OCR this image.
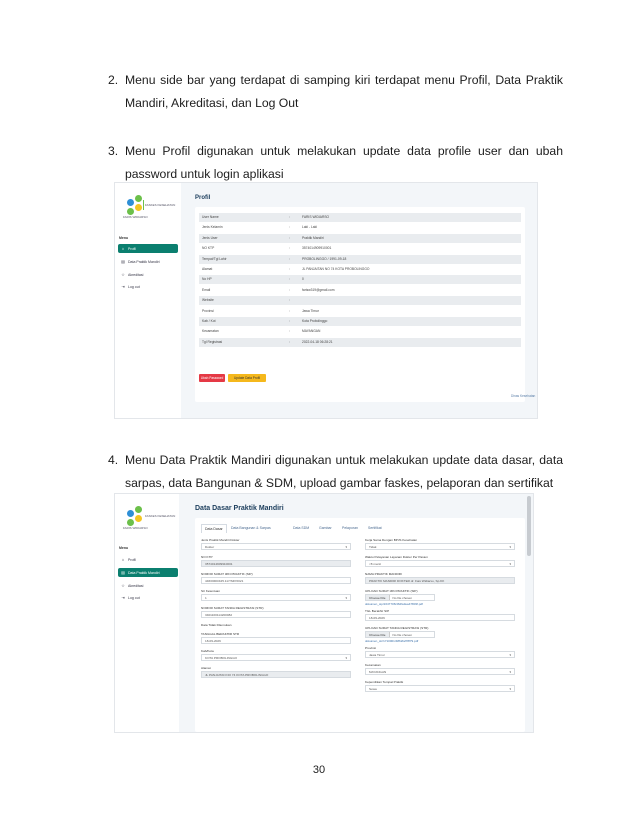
2. Menu side bar yang terdapat di samping kiri terdapat menu Profil, Data Praktik Mandiri, Akreditasi, dan Log Out
3. Menu Profil digunakan untuk melakukan update data profile user dan ubah password untuk login aplikasi
4. Menu Data Praktik Mandiri digunakan untuk melakukan update data dasar, data sarpas, data Bangunan & SDM, upload gambar faskes, pelaporan dan sertifikat
FASKES KESEHATAN
FARIS WIDIARSO
Menu
⌂ Profil
▤ Data Praktik Mandiri
☆ Akreditasi
⇥ Log out
Profil
User Name	:	FARIS WIDIARSO
Jenis Kelamin	:	Laki - Laki
Jenis User	:	Praktik Mandiri
NO KTP	:	3574014909910001
Tempat/Tgl Lahir	:	PROBOLINGGO / 1991-09-18
Alamat	:	JL PANJAITAN NO 74 KOTA PROBOLINGGO
No HP	:	0
Email	:	farisw319@gmail.com
Website	:
Provinsi	:	Jawa Timur
Kab / Kot	:	Kota Probolinggo
Kecamatan	:	MAYANGAN
Tgl Registrasi	:	2022-04-18 06:28:21
Ubah Password	Update Data Profil
Dinas Kesehatan
FASKES KESEHATAN
FARIS WIDIARSO
Menu
⌂ Profil
▤ Data Praktik Mandiri
☆ Akreditasi
⇥ Log out
Data Dasar Praktik Mandiri
Data Dasar	Data Bangunan & Sarpas	Data SDM	Gambar	Pelaporan	Sertifikat
Jenis Praktik Mandiri Dokter
Dokter	▾
NO KTP
3574014909910001
NOMOR SURAT IZIN PRAKTIK (SIP)
446/0000/425.117/SIP/2021
Str Ketentuan
1	▾
NOMOR SURAT TANDA REGISTRASI (STR)
3401100114200082
Data Tidak Ditemukan
TANGGAL BERAKHIR STR
18-09-2026
Kab/Kota
KOTA PROBOLINGGO	▾
Alamat
JL PANJAITAN NO 74 KOTA PROBOLINGGO
Kerja Sama Dengan BPJS Kesehatan
Tidak	▾
Waktu Pelayanan Layanan Dokter Per Pasien
<8 menit	▾
NAMA PRAKTIK MANDIRI
PRAKTIK MANDIRI DOKTER dr. Fais Widiarso, Sp.KK
UPLOAD SURAT IZIN PRAKTIK (SIP)
Choose File No file chosen
dokumen_sip/1647706/462fa3ea47803f.pdf
TGL Berakhir SIP
18-09-2026
UPLOAD SURAT TANDA REGISTRASI (STR)
Choose File No file chosen
dokumen_str/1710001/4862faf78f79.pdf
Provinsi
Jawa Timur	▾
Kecamatan
MAYANGAN	▾
Kepemilikan Tempat Praktik
Sewa	▾
30
